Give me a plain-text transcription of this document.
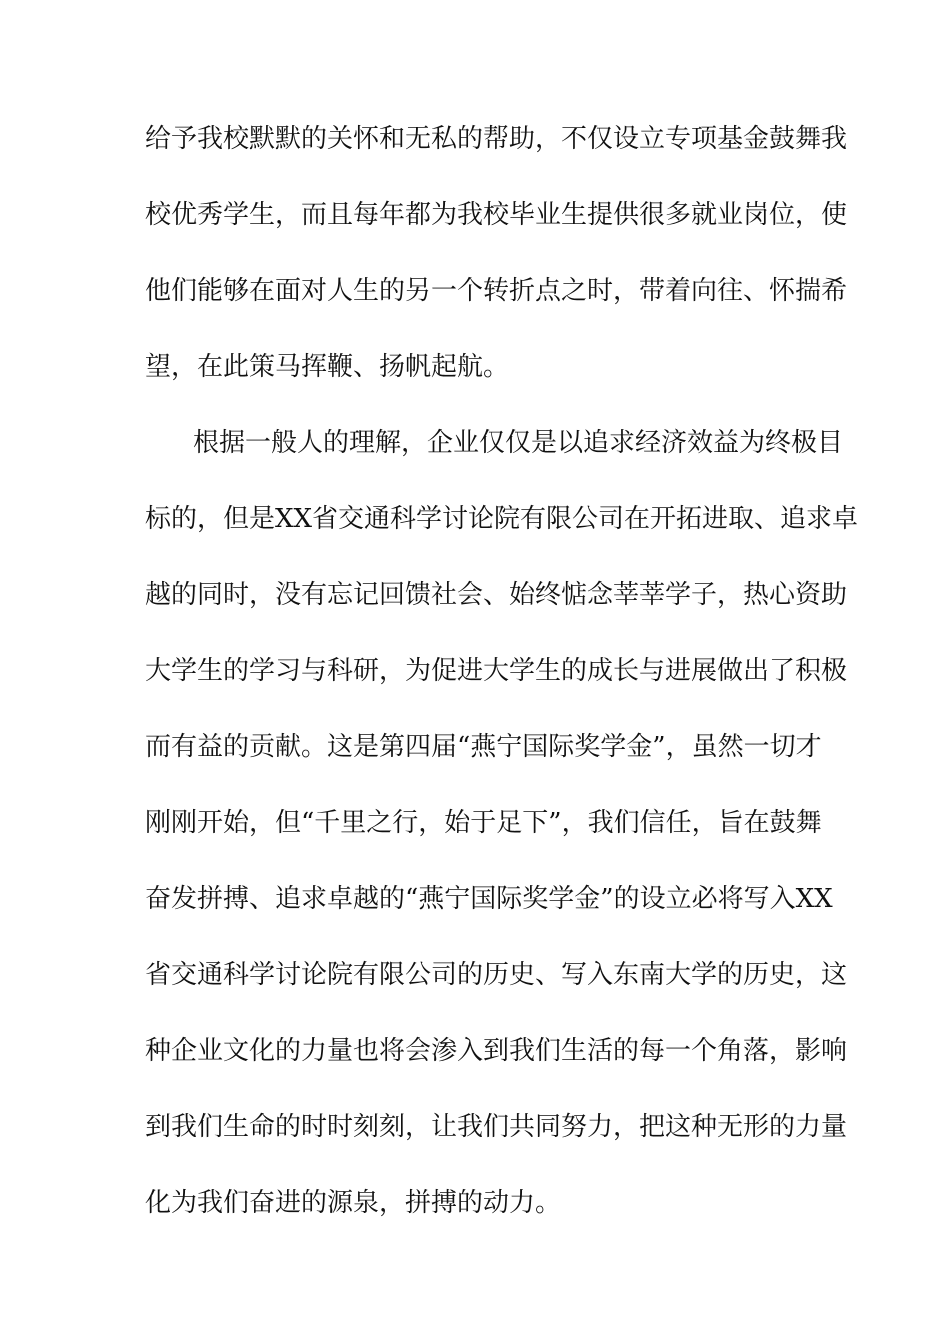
给予我校默默的关怀和无私的帮助，不仅设立专项基金鼓舞我
校优秀学生，而且每年都为我校毕业生提供很多就业岗位，使
他们能够在面对人生的另一个转折点之时，带着向往、怀揣希
望，在此策马挥鞭、扬帆起航。
根据一般人的理解，企业仅仅是以追求经济效益为终极目
标的，但是XX省交通科学讨论院有限公司在开拓进取、追求卓
越的同时，没有忘记回馈社会、始终惦念莘莘学子，热心资助
大学生的学习与科研，为促进大学生的成长与进展做出了积极
而有益的贡献。这是第四届“燕宁国际奖学金”，虽然一切才
刚刚开始，但“千里之行，始于足下”，我们信任，旨在鼓舞
奋发拼搏、追求卓越的“燕宁国际奖学金”的设立必将写入XX
省交通科学讨论院有限公司的历史、写入东南大学的历史，这
种企业文化的力量也将会渗入到我们生活的每一个角落，影响
到我们生命的时时刻刻，让我们共同努力，把这种无形的力量
化为我们奋进的源泉，拼搏的动力。
